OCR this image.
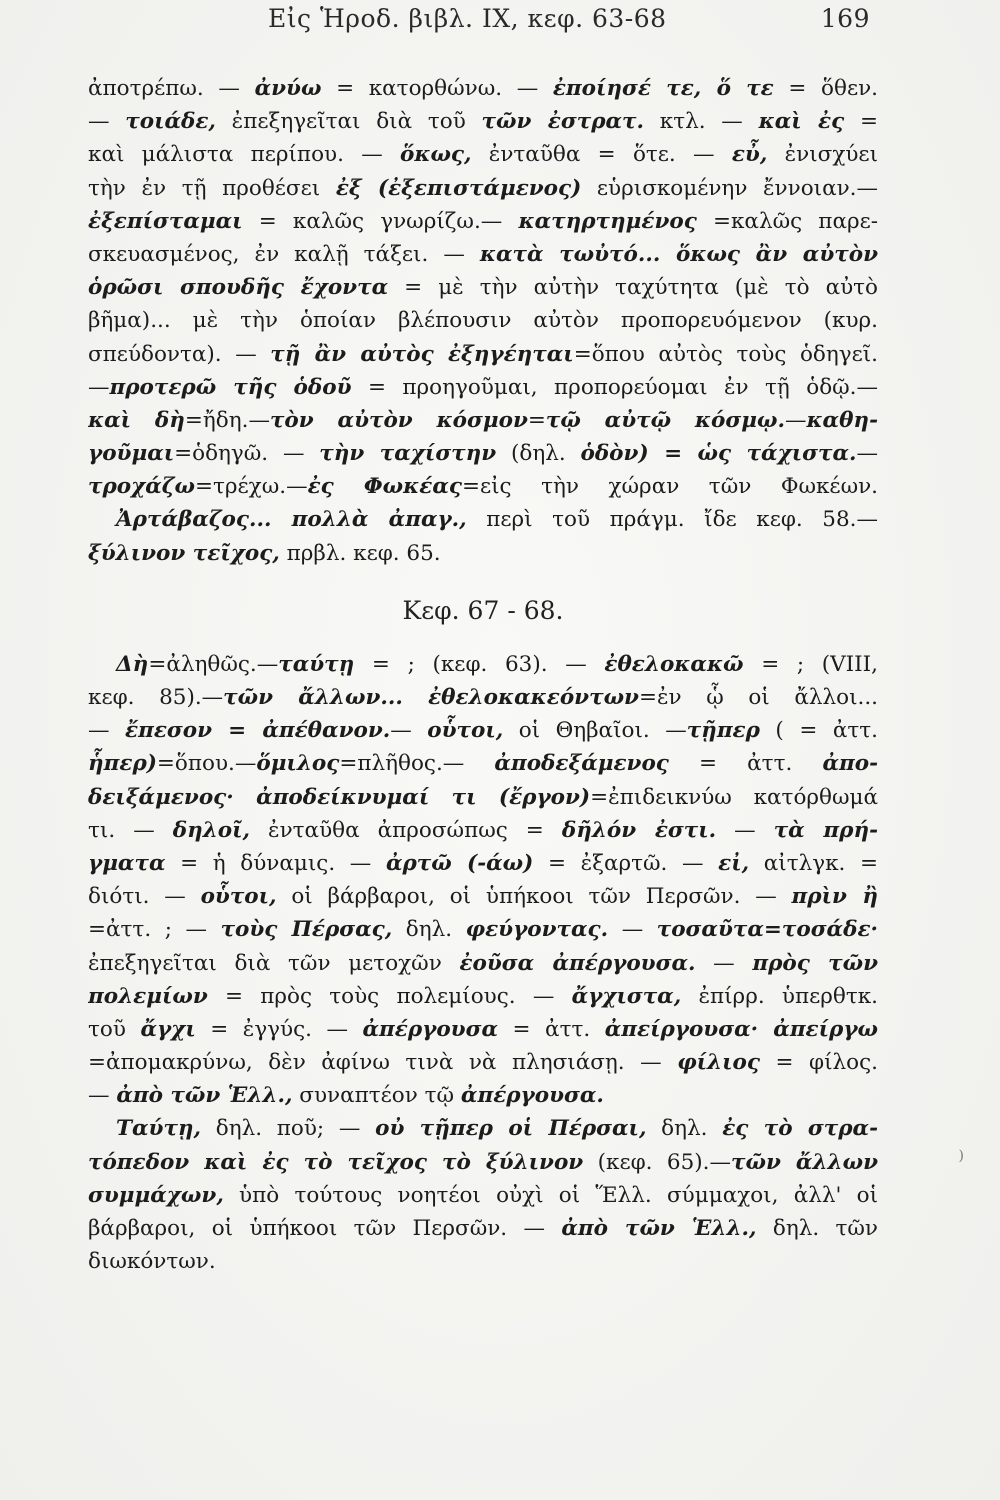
Εἰς Ἡροδ. βιβλ. IX, κεφ. 63-68	169
ἀποτρέπω. — ἀνύω = κατορθώνω. — ἐποίησέ τε, ὅ τε = ὅθεν.
— τοιάδε, ἐπεξηγεῖται διὰ τοῦ τῶν ἐστρατ. κτλ. — καὶ ἐς =
καὶ μάλιστα περίπου. — ὅκως, ἐνταῦθα = ὅτε. — εὖ, ἐνισχύει
τὴν ἐν τῇ προθέσει ἐξ (ἐξεπιστάμενος) εὑρισκομένην ἔννοιαν.—
ἐξεπίσταμαι = καλῶς γνωρίζω.— κατηρτημένος =καλῶς παρε-
σκευασμένος, ἐν καλῇ τάξει. — κατὰ τωὐτό... ὅκως ἂν αὐτὸν
ὁρῶσι σπουδῆς ἔχοντα = μὲ τὴν αὐτὴν ταχύτητα (μὲ τὸ αὐτὸ
βῆμα)... μὲ τὴν ὁποίαν βλέπουσιν αὐτὸν προπορευόμενον (κυρ.
σπεύδοντα). — τῇ ἂν αὐτὸς ἐξηγέηται=ὅπου αὐτὸς τοὺς ὁδηγεῖ.
—προτερῶ τῆς ὁδοῦ = προηγοῦμαι, προπορεύομαι ἐν τῇ ὁδῷ.—
καὶ δὴ=ἤδη.—τὸν αὐτὸν κόσμον=τῷ αὐτῷ κόσμῳ.—καθη-
γοῦμαι=ὁδηγῶ. — τὴν ταχίστην (δηλ. ὁδὸν) = ὡς τάχιστα.—
τροχάζω=τρέχω.—ἐς Φωκέας=εἰς τὴν χώραν τῶν Φωκέων.
Ἀρτάβαζος... πολλὰ ἀπαγ., περὶ τοῦ πράγμ. ἴδε κεφ. 58.—
ξύλινον τεῖχος, πρβλ. κεφ. 65.
Κεφ. 67 - 68.
Δὴ=ἀληθῶς.—ταύτῃ = ; (κεφ. 63). — ἐθελοκακῶ = ; (VIII,
κεφ. 85).—τῶν ἄλλων... ἐθελοκακεόντων=ἐν ᾧ οἱ ἄλλοι...
— ἔπεσον = ἀπέθανον.— οὗτοι, οἱ Θηβαῖοι. —τῇπερ ( = ἀττ.
ἧπερ)=ὅπου.—ὅμιλος=πλῆθος.— ἀποδεξάμενος = ἀττ. ἀπο-
δειξάμενος· ἀποδείκνυμαί τι (ἔργον)=ἐπιδεικνύω κατόρθωμά
τι. — δηλοῖ, ἐνταῦθα ἀπροσώπως = δῆλόν ἐστι. — τὰ πρή-
γματα = ἡ δύναμις. — ἀρτῶ (-άω) = ἐξαρτῶ. — εἰ, αἰτλγκ. =
διότι. — οὗτοι, οἱ βάρβαροι, οἱ ὑπήκοοι τῶν Περσῶν. — πρὶν ἢ
=ἀττ. ; — τοὺς Πέρσας, δηλ. φεύγοντας. — τοσαῦτα=τοσάδε·
ἐπεξηγεῖται διὰ τῶν μετοχῶν ἐοῦσα ἀπέργουσα. — πρὸς τῶν
πολεμίων = πρὸς τοὺς πολεμίους. — ἄγχιστα, ἐπίρρ. ὑπερθτκ.
τοῦ ἄγχι = ἐγγύς. — ἀπέργουσα = ἀττ. ἀπείργουσα· ἀπείργω
=ἀπομακρύνω, δὲν ἀφίνω τινὰ νὰ πλησιάσῃ. — φίλιος = φίλος.
— ἀπὸ τῶν Ἑλλ., συναπτέον τῷ ἀπέργουσα.
Ταύτῃ, δηλ. ποῦ; — οὐ τῇπερ οἱ Πέρσαι, δηλ. ἐς τὸ στρα-
τόπεδον καὶ ἐς τὸ τεῖχος τὸ ξύλινον (κεφ. 65).—τῶν ἄλλων
συμμάχων, ὑπὸ τούτους νοητέοι οὐχὶ οἱ Ἕλλ. σύμμαχοι, ἀλλ' οἱ
βάρβαροι, οἱ ὑπήκοοι τῶν Περσῶν. — ἀπὸ τῶν Ἑλλ., δηλ. τῶν
διωκόντων.
)
